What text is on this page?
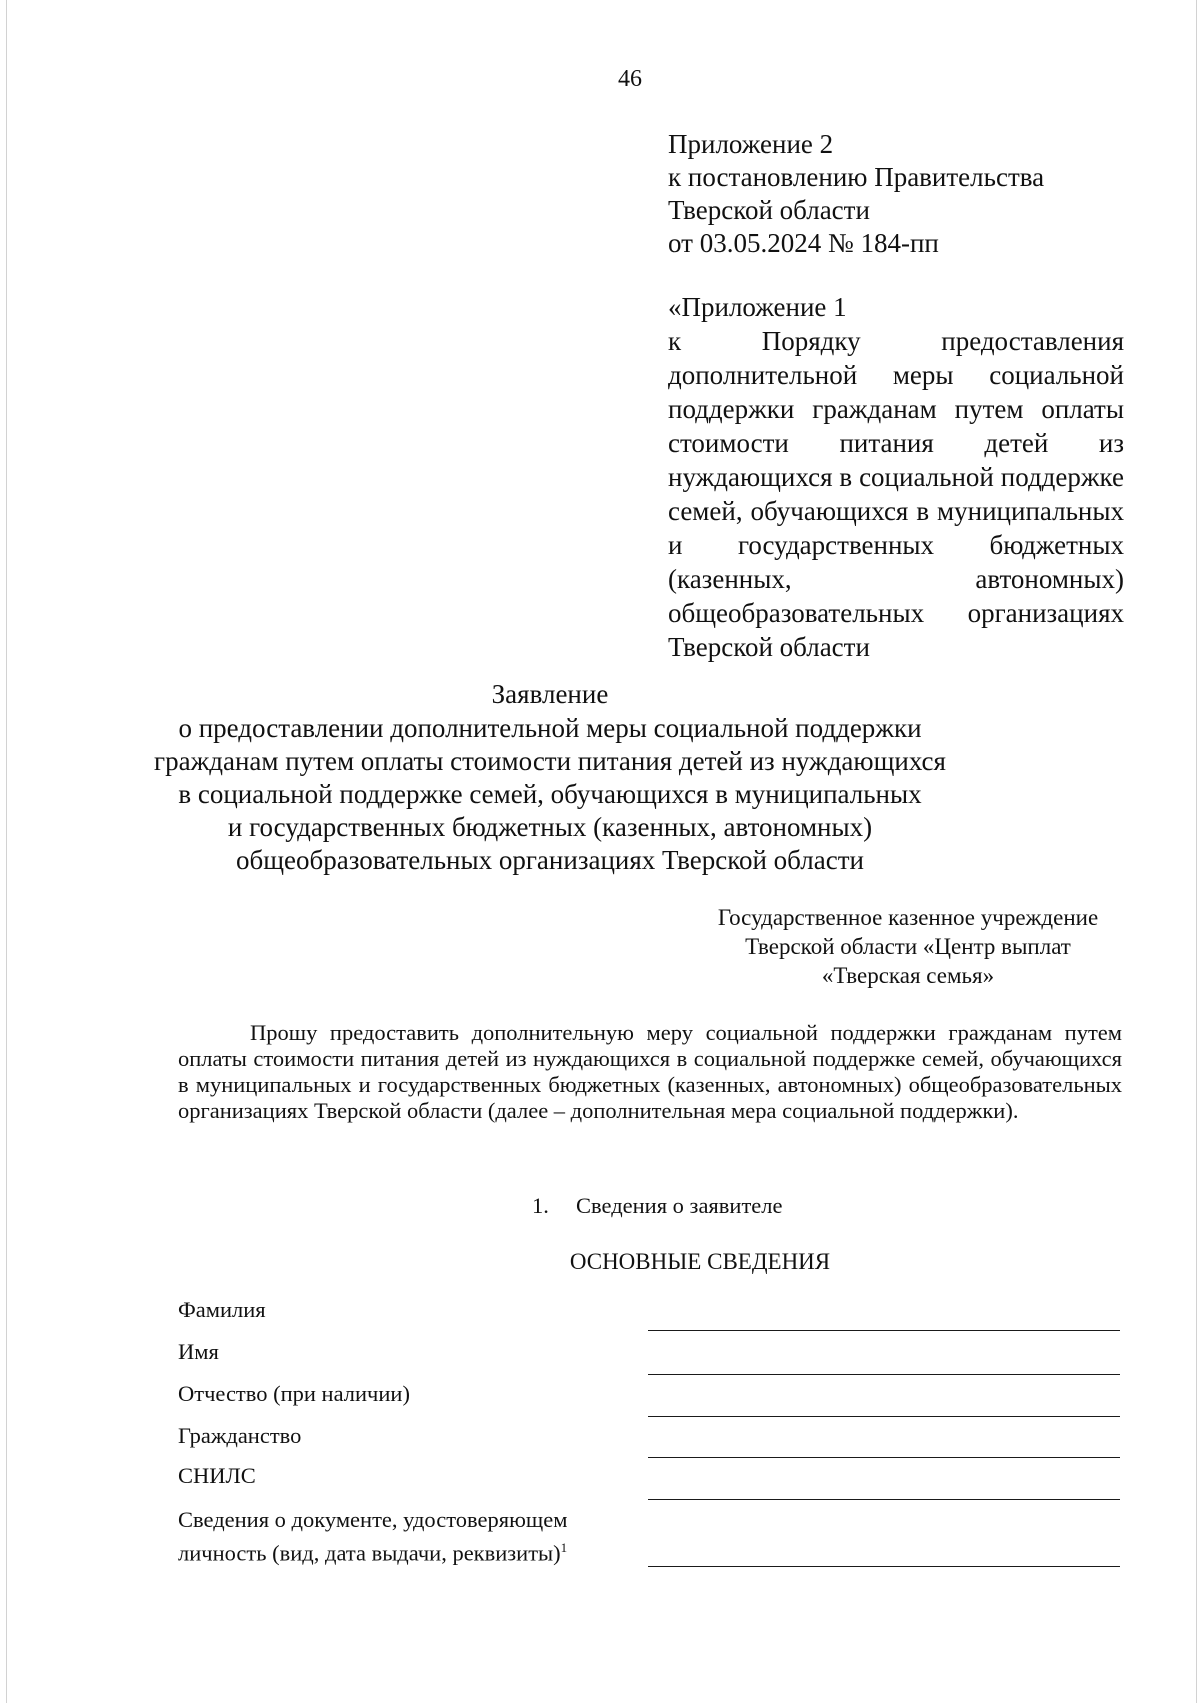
46
Приложение 2
к постановлению Правительства
Тверской области
от 03.05.2024 № 184-пп
«Приложение 1
к Порядку предоставления дополнительной меры социальной поддержки гражданам путем оплаты стоимости питания детей из нуждающихся в социальной поддержке семей, обучающихся в муниципальных и государственных бюджетных (казенных, автономных) общеобразовательных организациях Тверской области
Заявление
о предоставлении дополнительной меры социальной поддержки
гражданам путем оплаты стоимости питания детей из нуждающихся
в социальной поддержке семей, обучающихся в муниципальных
и государственных бюджетных (казенных, автономных)
общеобразовательных организациях Тверской области
Государственное казенное учреждение
Тверской области «Центр выплат
«Тверская семья»
Прошу предоставить дополнительную меру социальной поддержки гражданам путем оплаты стоимости питания детей из нуждающихся в социальной поддержке семей, обучающихся в муниципальных и государственных бюджетных (казенных, автономных) общеобразовательных организациях Тверской области (далее – дополнительная мера социальной поддержки).
1. Сведения о заявителе
ОСНОВНЫЕ СВЕДЕНИЯ
Фамилия
Имя
Отчество (при наличии)
Гражданство
СНИЛС
Сведения о документе, удостоверяющем
личность (вид, дата выдачи, реквизиты)$^1$
